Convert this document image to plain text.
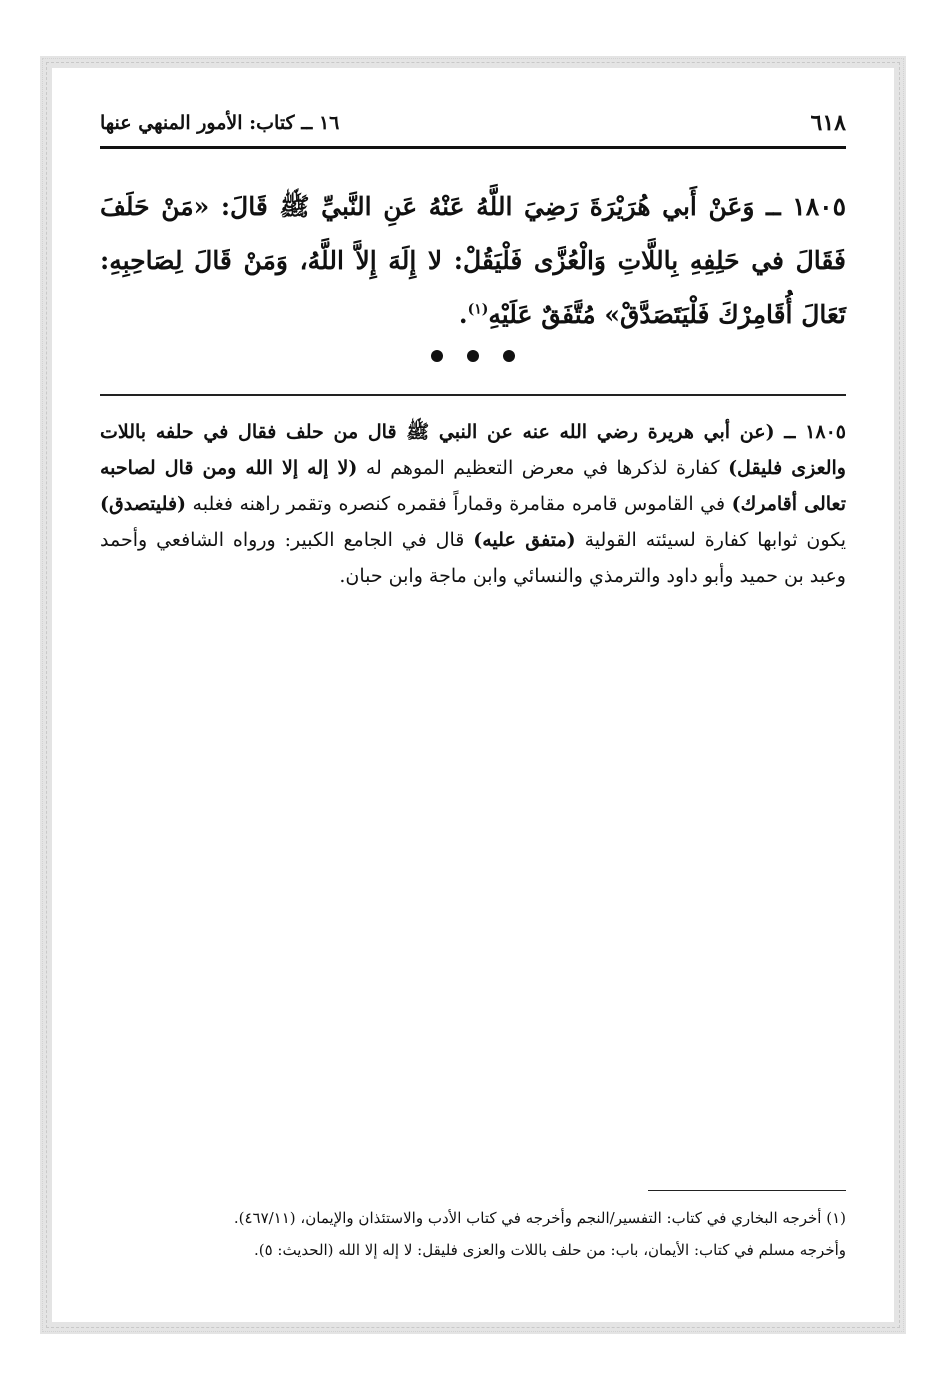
٦١٨
١٦ ــ كتاب: الأمور المنهي عنها
١٨٠٥ ــ وَعَنْ أَبي هُرَيْرَةَ رَضِيَ اللَّهُ عَنْهُ عَنِ النَّبيِّ ﷺ قَالَ: «مَنْ حَلَفَ فَقَالَ في حَلِفِهِ بِاللَّاتِ وَالْعُزَّى فَلْيَقُلْ: لا إِلَهَ إِلاَّ اللَّهُ، وَمَنْ قَالَ لِصَاحِبِهِ: تَعَالَ أُقَامِرْكَ فَلْيَتَصَدَّقْ» مُتَّفَقٌ عَلَيْهِ$^{(١)}$.
١٨٠٥ ــ (عن أبي هريرة رضي الله عنه عن النبي ﷺ قال من حلف فقال في حلفه باللات والعزى فليقل) كفارة لذكرها في معرض التعظيم الموهم له (لا إله إلا الله ومن قال لصاحبه تعالى أقامرك) في القاموس قامره مقامرة وقماراً فقمره كنصره وتقمر راهنه فغلبه (فليتصدق) يكون ثوابها كفارة لسيئته القولية (متفق عليه) قال في الجامع الكبير: ورواه الشافعي وأحمد وعبد بن حميد وأبو داود والترمذي والنسائي وابن ماجة وابن حبان.

(١) أخرجه البخاري في كتاب: التفسير/النجم وأخرجه في كتاب الأدب والاستئذان والإيمان، (٤٦٧/١١).

وأخرجه مسلم في كتاب: الأيمان، باب: من حلف باللات والعزى فليقل: لا إله إلا الله (الحديث: ٥).
